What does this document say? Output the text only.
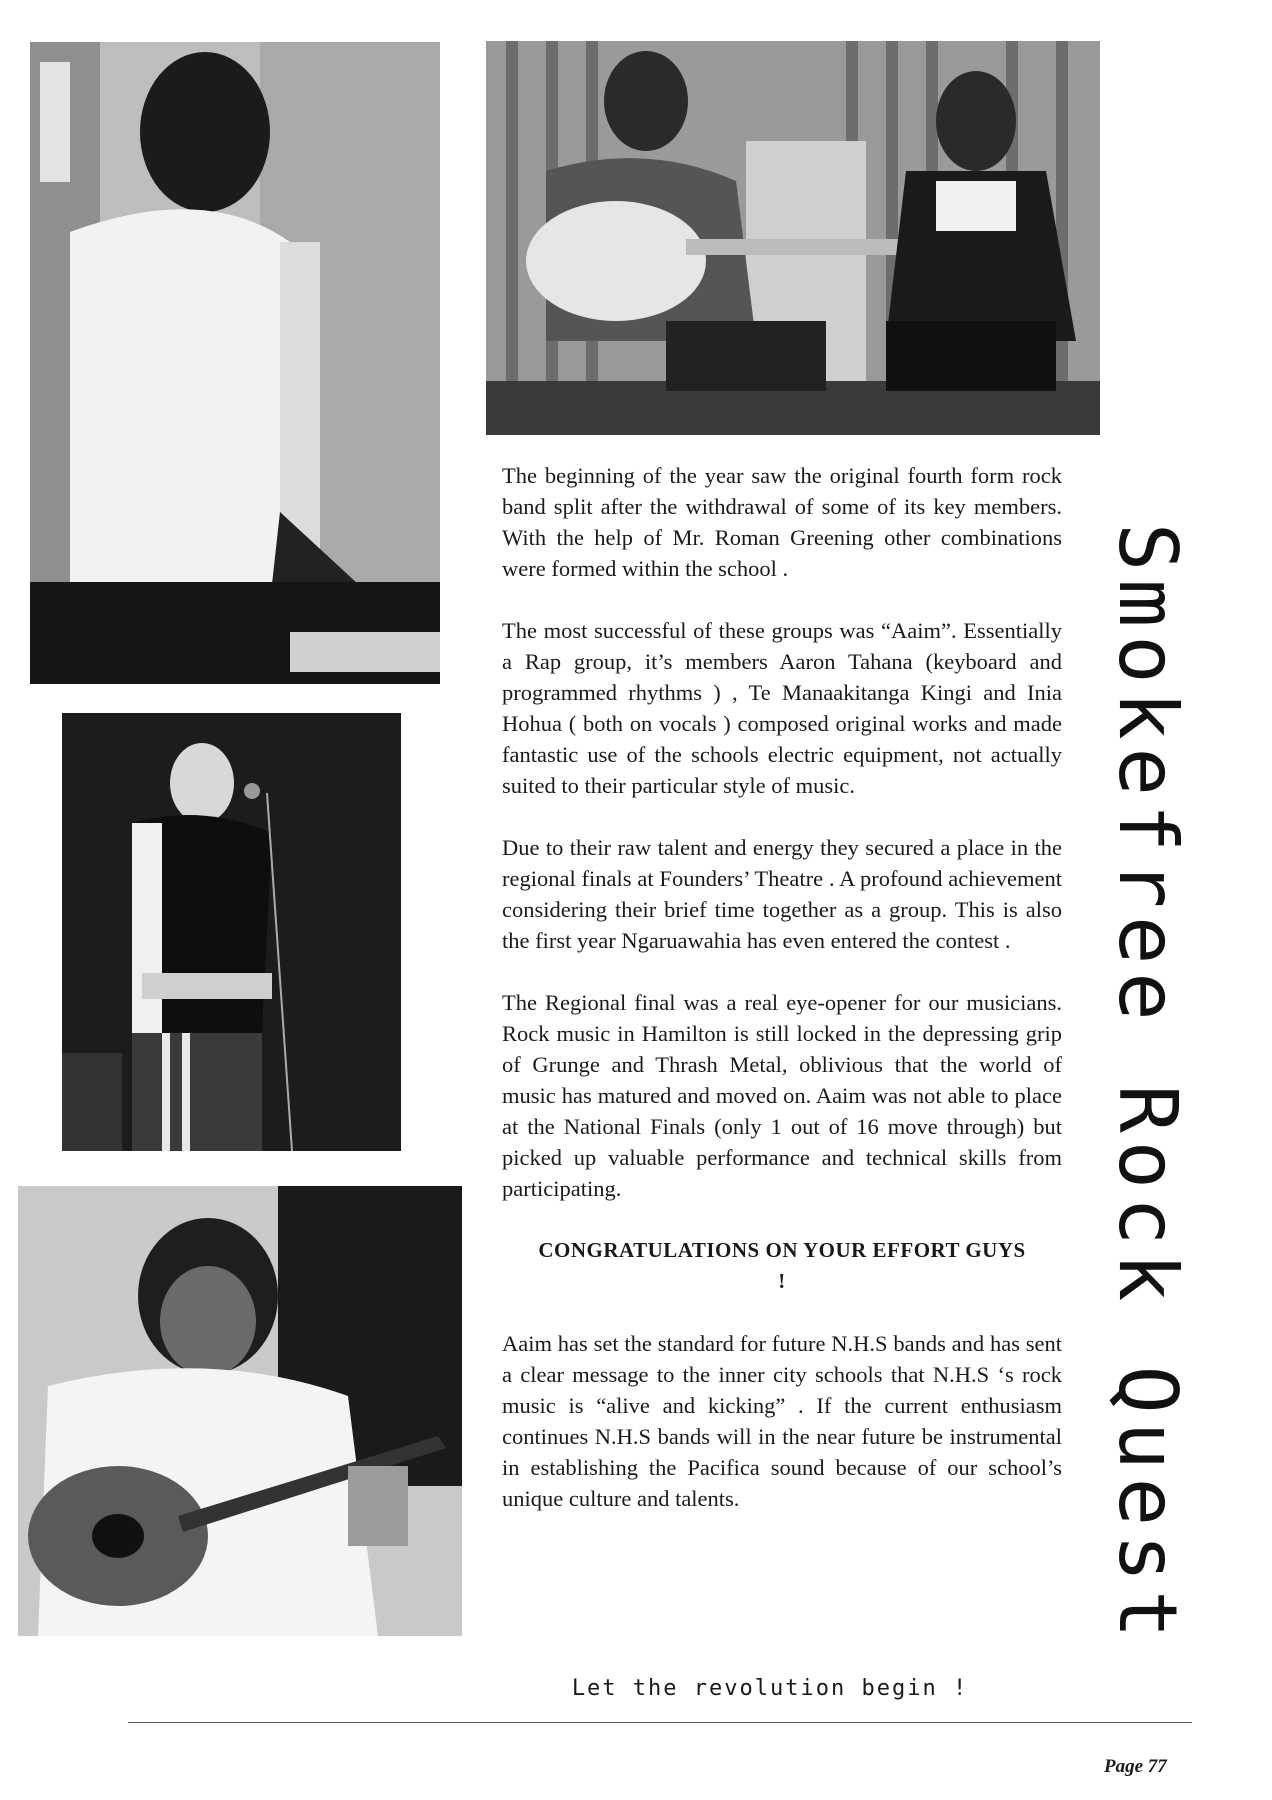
The beginning of the year saw the original fourth form rock band split after the withdrawal of some of its key members. With the help of Mr. Roman Greening other combinations were formed within the school .

The most successful of these groups was “Aaim”. Essentially a Rap group, it’s members Aaron Tahana (keyboard and programmed rhythms ) , Te Manaakitanga Kingi and Inia Hohua ( both on vocals ) composed original works and made fantastic use of the schools electric equipment, not actually suited to their particular style of music.

Due to their raw talent and energy they secured a place in the regional finals at Founders’ Theatre . A profound achievement considering their brief time together as a group. This is also the first year Ngaruawahia has even entered the contest .

The Regional final was a real eye-opener for our musicians. Rock music in Hamilton is still locked in the depressing grip of Grunge and Thrash Metal, oblivious that the world of music has matured and moved on. Aaim was not able to place at the National Finals (only 1 out of 16 move through) but picked up valuable performance and technical skills from participating.

CONGRATULATIONS ON YOUR EFFORT GUYS !

Aaim has set the standard for future N.H.S bands and has sent a clear message to the inner city schools that N.H.S ‘s rock music is “alive and kicking” . If the current enthusiasm continues N.H.S bands will in the near future be instrumental in establishing the Pacifica sound because of our school’s unique culture and talents.

Let the revolution begin !
Smokefree Rock Quest
Page 77
